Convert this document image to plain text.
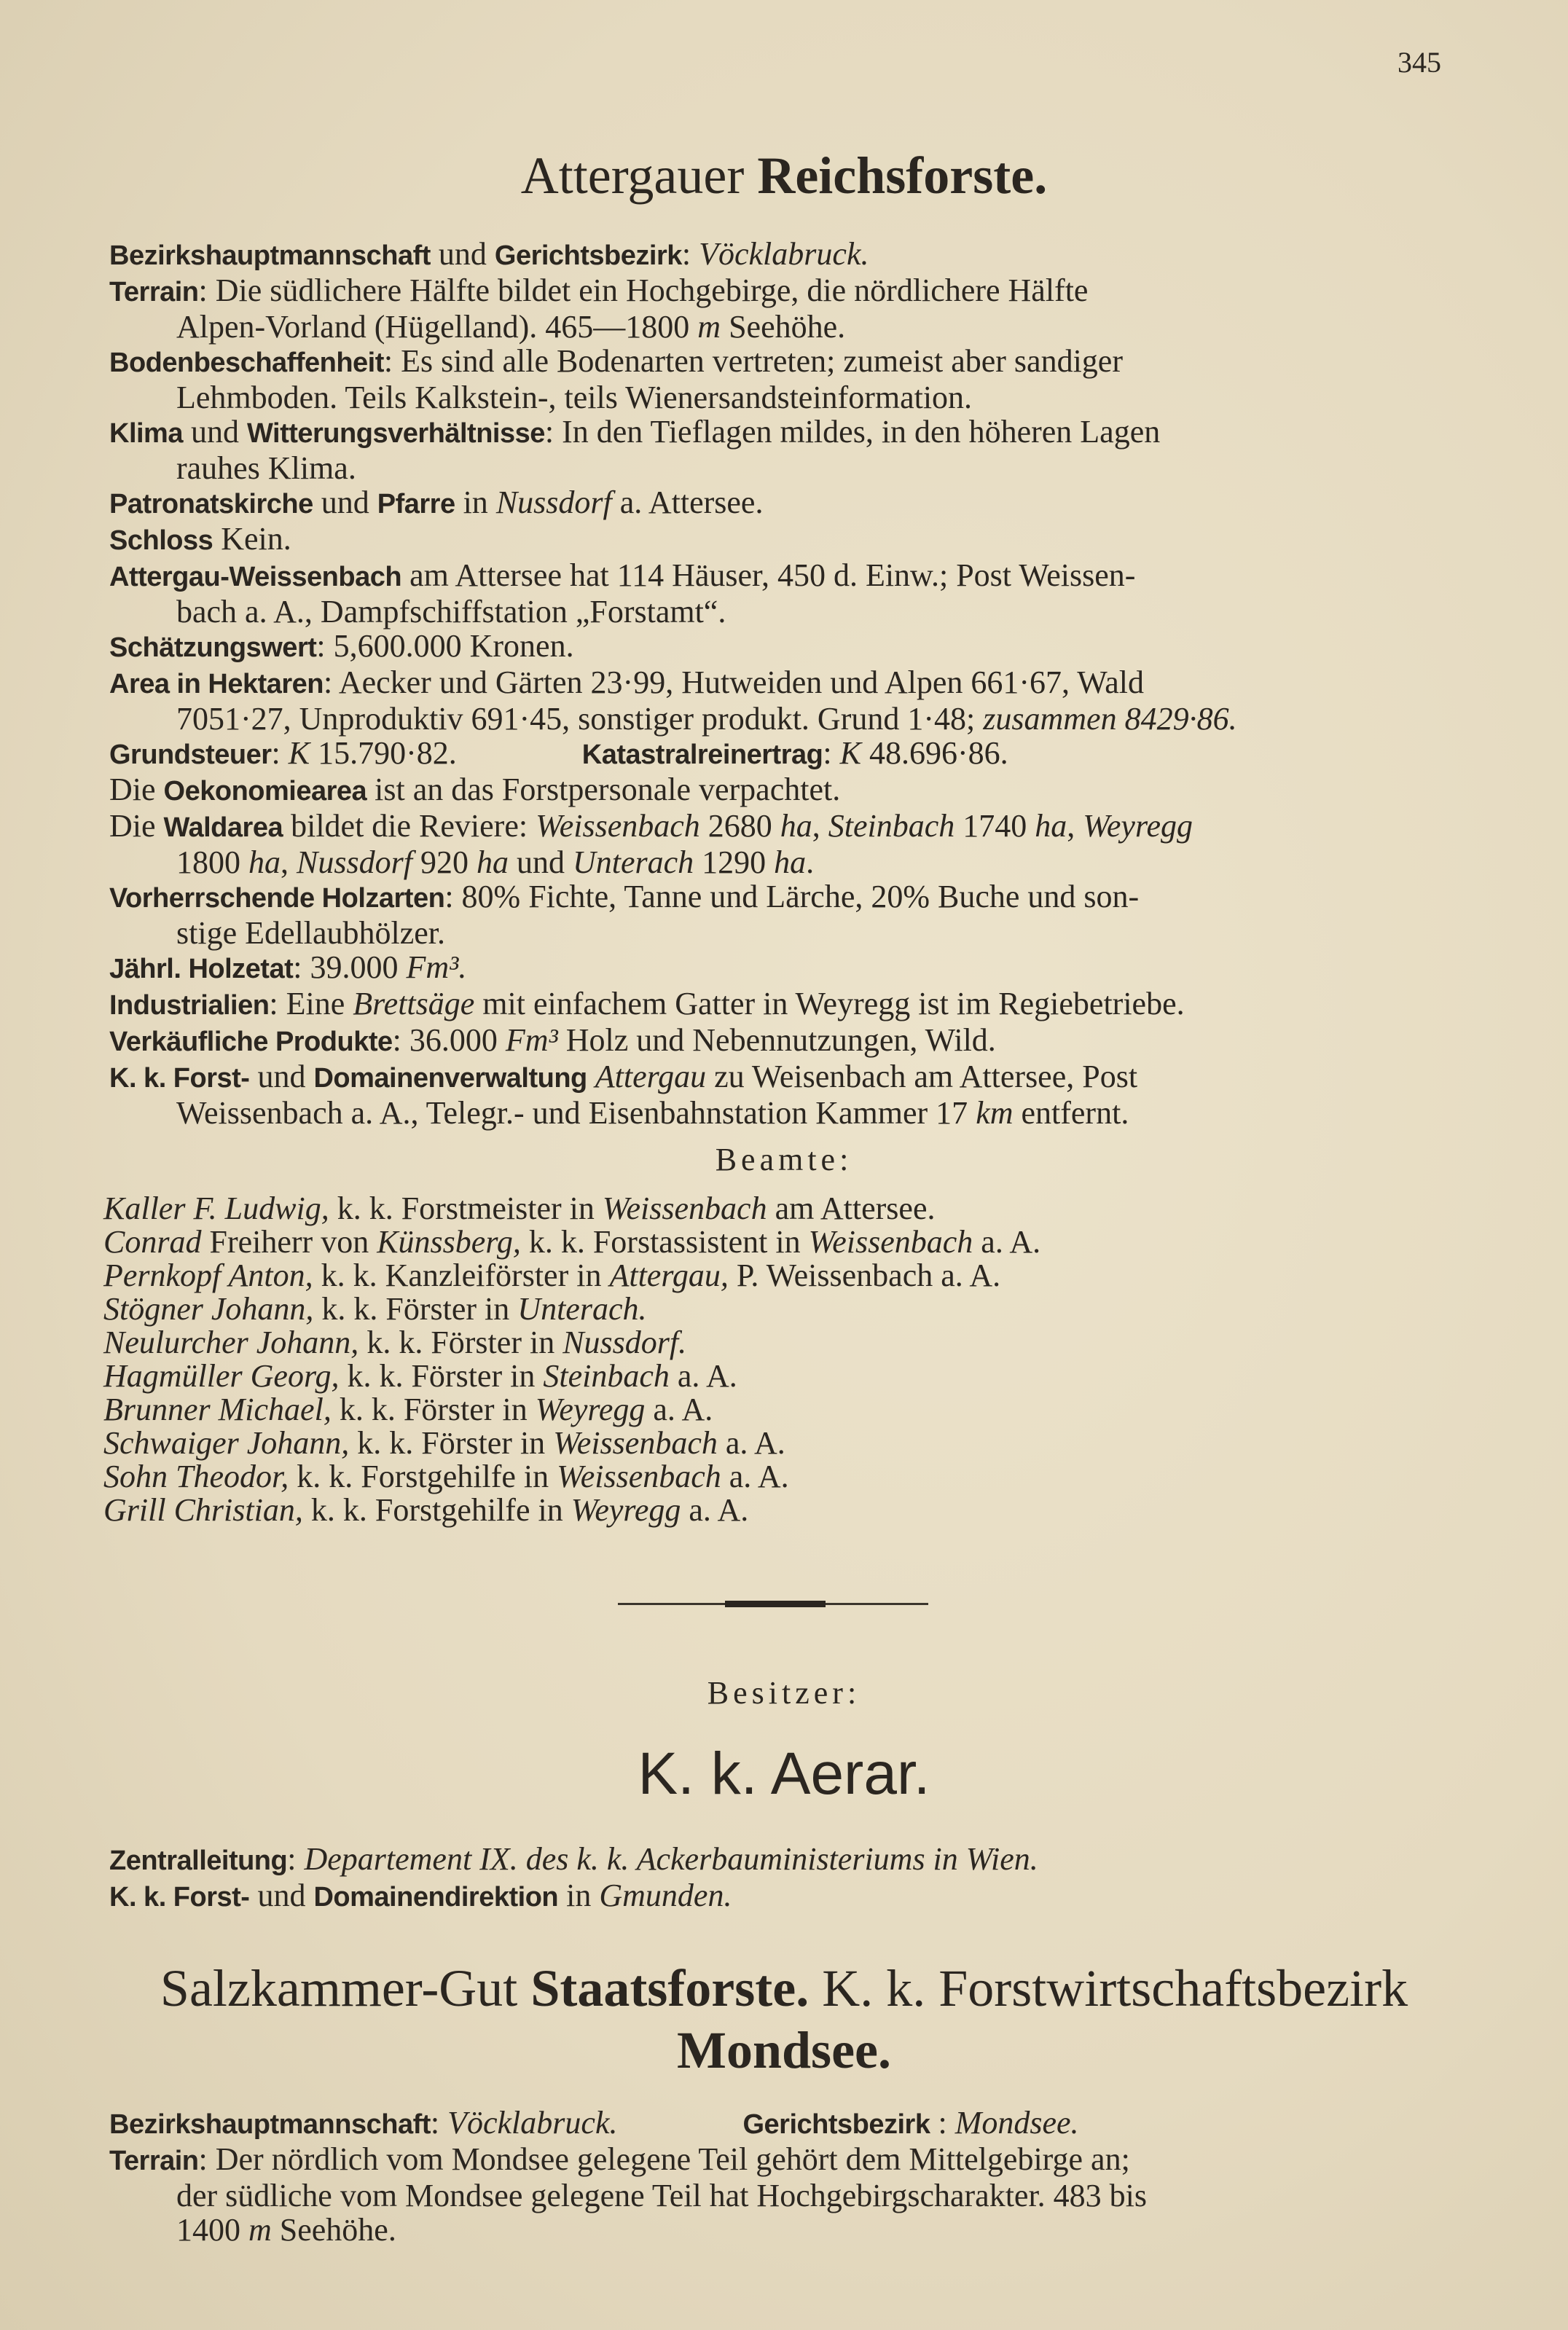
345
Attergauer Reichsforste.

Bezirkshauptmannschaft und Gerichtsbezirk: Vöcklabruck.

Terrain: Die südlichere Hälfte bildet ein Hochgebirge, die nördlichere Hälfte
Alpen-Vorland (Hügelland). 465—1800 m Seehöhe.

Bodenbeschaffenheit: Es sind alle Bodenarten vertreten; zumeist aber sandiger
Lehmboden. Teils Kalkstein-, teils Wienersandsteinformation.

Klima und Witterungsverhältnisse: In den Tieflagen mildes, in den höheren Lagen
rauhes Klima.

Patronatskirche und Pfarre in Nussdorf a. Attersee.

Schloss Kein.

Attergau-Weissenbach am Attersee hat 114 Häuser, 450 d. Einw.; Post Weissen-
bach a. A., Dampfschiffstation „Forstamt“.

Schätzungswert: 5,600.000 Kronen.

Area in Hektaren: Aecker und Gärten 23·99, Hutweiden und Alpen 661·67, Wald
7051·27, Unproduktiv 691·45, sonstiger produkt. Grund 1·48; zusammen 8429·86.

Grundsteuer: K 15.790·82.	Katastralreinertrag: K 48.696·86.

Die Oekonomiearea ist an das Forstpersonale verpachtet.

Die Waldarea bildet die Reviere: Weissenbach 2680 ha, Steinbach 1740 ha, Weyregg
1800 ha, Nussdorf 920 ha und Unterach 1290 ha.

Vorherrschende Holzarten: 80% Fichte, Tanne und Lärche, 20% Buche und son-
stige Edellaubhölzer.

Jährl. Holzetat: 39.000 Fm³.

Industrialien: Eine Brettsäge mit einfachem Gatter in Weyregg ist im Regiebetriebe.

Verkäufliche Produkte: 36.000 Fm³ Holz und Nebennutzungen, Wild.

K. k. Forst- und Domainenverwaltung Attergau zu Weisenbach am Attersee, Post
Weissenbach a. A., Telegr.- und Eisenbahnstation Kammer 17 km entfernt.

Beamte:
Kaller F. Ludwig, k. k. Forstmeister in Weissenbach am Attersee.
Conrad Freiherr von Künssberg, k. k. Forstassistent in Weissenbach a. A.
Pernkopf Anton, k. k. Kanzleiförster in Attergau, P. Weissenbach a. A.
Stögner Johann, k. k. Förster in Unterach.
Neulurcher Johann, k. k. Förster in Nussdorf.
Hagmüller Georg, k. k. Förster in Steinbach a. A.
Brunner Michael, k. k. Förster in Weyregg a. A.
Schwaiger Johann, k. k. Förster in Weissenbach a. A.
Sohn Theodor, k. k. Forstgehilfe in Weissenbach a. A.
Grill Christian, k. k. Forstgehilfe in Weyregg a. A.
Besitzer:
K. k. Aerar.

Zentralleitung: Departement IX. des k. k. Ackerbauministeriums in Wien.

K. k. Forst- und Domainendirektion in Gmunden.

Salzkammer-Gut Staatsforste. K. k. Forstwirtschaftsbezirk
Mondsee.

Bezirkshauptmannschaft: Vöcklabruck.	Gerichtsbezirk : Mondsee.

Terrain: Der nördlich vom Mondsee gelegene Teil gehört dem Mittelgebirge an;
der südliche vom Mondsee gelegene Teil hat Hochgebirgscharakter. 483 bis
1400 m Seehöhe.
